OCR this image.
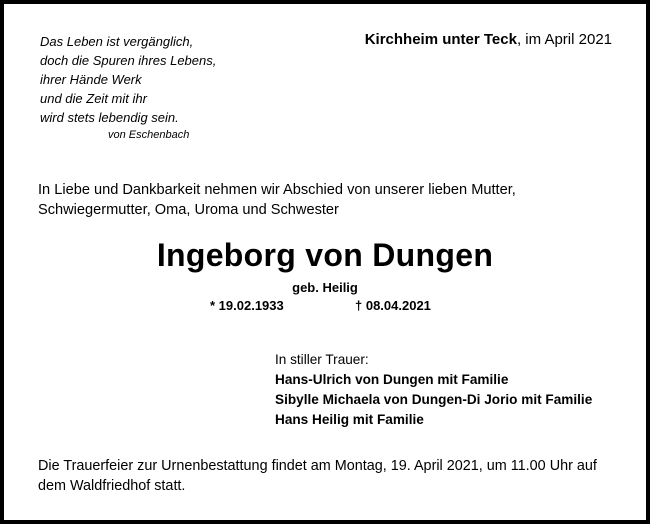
Das Leben ist vergänglich,
doch die Spuren ihres Lebens,
ihrer Hände Werk
und die Zeit mit ihr
wird stets lebendig sein.
von Eschenbach
Kirchheim unter Teck, im April 2021
In Liebe und Dankbarkeit nehmen wir Abschied von unserer lieben Mutter, Schwiegermutter, Oma, Uroma und Schwester
Ingeborg von Dungen
geb. Heilig
* 19.02.1933	† 08.04.2021
In stiller Trauer:
Hans-Ulrich von Dungen mit Familie
Sibylle Michaela von Dungen-Di Jorio mit Familie
Hans Heilig mit Familie
Die Trauerfeier zur Urnenbestattung findet am Montag, 19. April 2021, um 11.00 Uhr auf dem Waldfriedhof statt.
